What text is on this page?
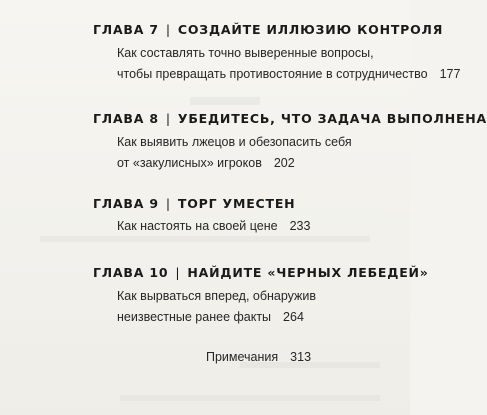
ГЛАВА 7 | СОЗДАЙТЕ ИЛЛЮЗИЮ КОНТРОЛЯ
Как составлять точно выверенные вопросы,
чтобы превращать противостояние в сотрудничество 177
ГЛАВА 8 | УБЕДИТЕСЬ, ЧТО ЗАДАЧА ВЫПОЛНЕНА
Как выявить лжецов и обезопасить себя
от «закулисных» игроков 202
ГЛАВА 9 | ТОРГ УМЕСТЕН
Как настоять на своей цене 233
ГЛАВА 10 | НАЙДИТЕ «ЧЕРНЫХ ЛЕБЕДЕЙ»
Как вырваться вперед, обнаружив
неизвестные ранее факты 264
Примечания 313
